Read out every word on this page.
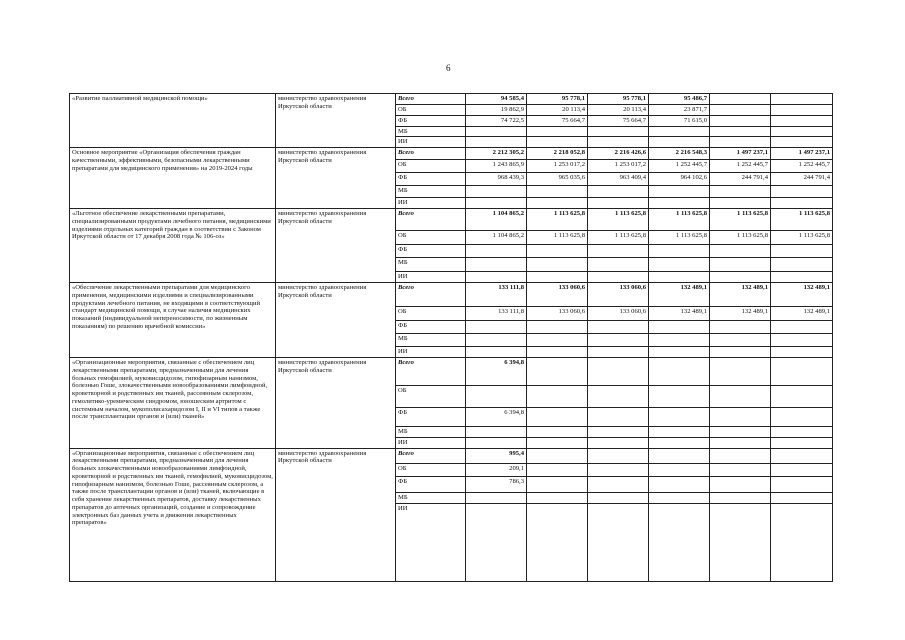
6
«Развитие паллиативной медицинской помощи»	министерство здравоохранения Иркутской области	Всего	94 585,4	95 778,1	95 778,1	95 486,7		
		ОБ	19 862,9	20 113,4	20 113,4	23 871,7		
		ФБ	74 722,5	75 664,7	75 664,7	71 615,0		
		МБ						
		ИИ						
Основное мероприятие «Организация обеспечения граждан качественными, эффективными, безопасными лекарственными препаратами для медицинского применения» на 2019-2024 годы	министерство здравоохранения Иркутской области	Всего	2 212 305,2	2 218 052,8	2 216 426,6	2 216 548,3	1 497 237,1	1 497 237,1
		ОБ	1 243 865,9	1 253 017,2	1 253 017,2	1 252 445,7	1 252 445,7	1 252 445,7
		ФБ	968 439,3	965 035,6	963 409,4	964 102,6	244 791,4	244 791,4
		МБ						
		ИИ						
«Льготное обеспечение лекарственными препаратами, специализированными продуктами лечебного питания, медицинскими изделиями отдельных категорий граждан в соответствии с Законом Иркутской области от 17 декабря 2008 года № 106-оз»	министерство здравоохранения Иркутской области	Всего	1 104 865,2	1 113 625,8	1 113 625,8	1 113 625,8	1 113 625,8	1 113 625,8
		ОБ	1 104 865,2	1 113 625,8	1 113 625,8	1 113 625,8	1 113 625,8	1 113 625,8
		ФБ						
		МБ						
		ИИ						
«Обеспечение лекарственными препаратами для медицинского применения, медицинскими изделиями и специализированными продуктами лечебного питания, не входящими в соответствующий стандарт медицинской помощи, в случае наличия медицинских показаний (индивидуальной непереносимости, по жизненным показаниям) по решению врачебной комиссии»	министерство здравоохранения Иркутской области	Всего	133 111,8	133 060,6	133 060,6	132 489,1	132 489,1	132 489,1
		ОБ	133 111,8	133 060,6	133 060,6	132 489,1	132 489,1	132 489,1
		ФБ						
		МБ						
		ИИ						
«Организационные мероприятия, связанные с обеспечением лиц лекарственными препаратами, предназначенными для лечения больных гемофилией, муковисцидозом, гипофизарным нанизмом, болезнью Гоше, злокачественными новообразованиями лимфоидной, кроветворной и родственных им тканей, рассеянным склерозом, гемолитико-уремическим синдромом, юношеским артритом с системным началом, мукополисахаридозом I, II и VI типов а также после трансплантации органов и (или) тканей»	министерство здравоохранения Иркутской области	Всего	6 394,8					
		ОБ						
		ФБ	6 394,8					
		МБ						
		ИИ						
«Организационные мероприятия, связанные с обеспечением лиц лекарственными препаратами, предназначенными для лечения больных злокачественными новообразованиями лимфоидной, кроветворной и родственных им тканей, гемофилией, муковисцидозом, гипофизарным нанизмом, болезнью Гоше, рассеянным склерозом, а также после трансплантации органов и (или) тканей, включающие в себя хранение лекарственных препаратов, доставку лекарственных препаратов до аптечных организаций, создание и сопровождение электронных баз данных учета и движения лекарственных препаратов»	министерство здравоохранения Иркутской области	Всего	995,4					
		ОБ	209,1					
		ФБ	786,3					
		МБ						
		ИИ						
